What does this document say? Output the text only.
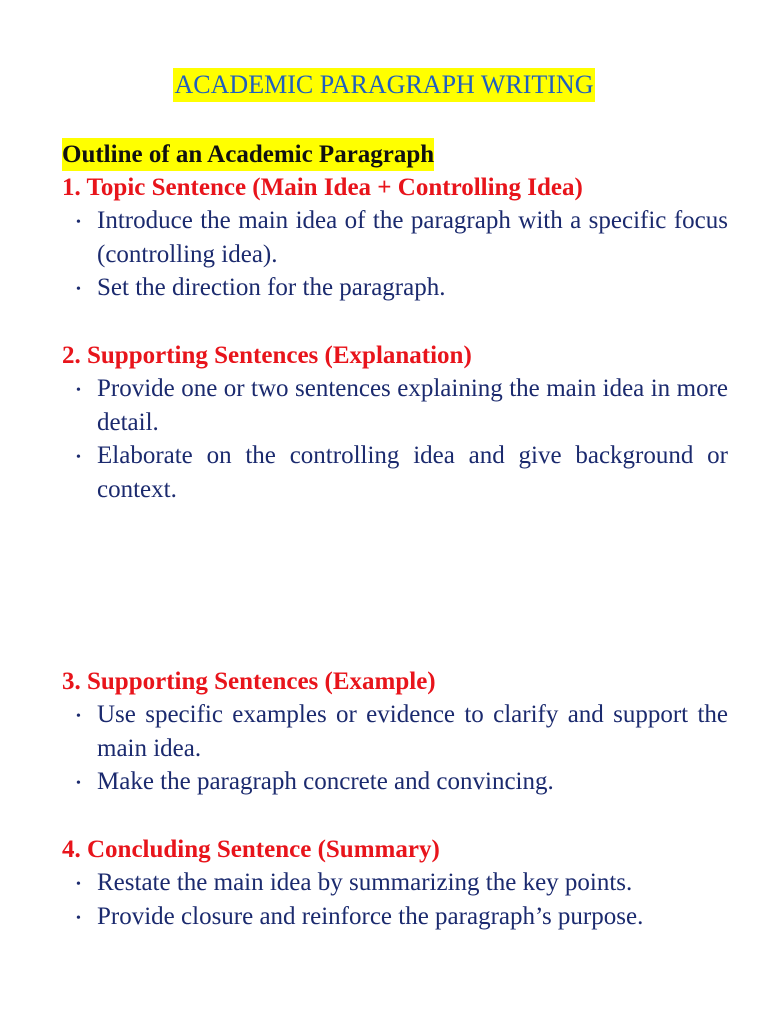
ACADEMIC PARAGRAPH WRITING
Outline of an Academic Paragraph

1. Topic Sentence (Main Idea + Controlling Idea)

• Introduce the main idea of the paragraph with a specific focus (controlling idea).
• Set the direction for the paragraph.

2. Supporting Sentences (Explanation)

• Provide one or two sentences explaining the main idea in more detail.
• Elaborate on the controlling idea and give background or context.

3. Supporting Sentences (Example)

• Use specific examples or evidence to clarify and support the main idea.
• Make the paragraph concrete and convincing.

4. Concluding Sentence (Summary)

• Restate the main idea by summarizing the key points.
• Provide closure and reinforce the paragraph’s purpose.
